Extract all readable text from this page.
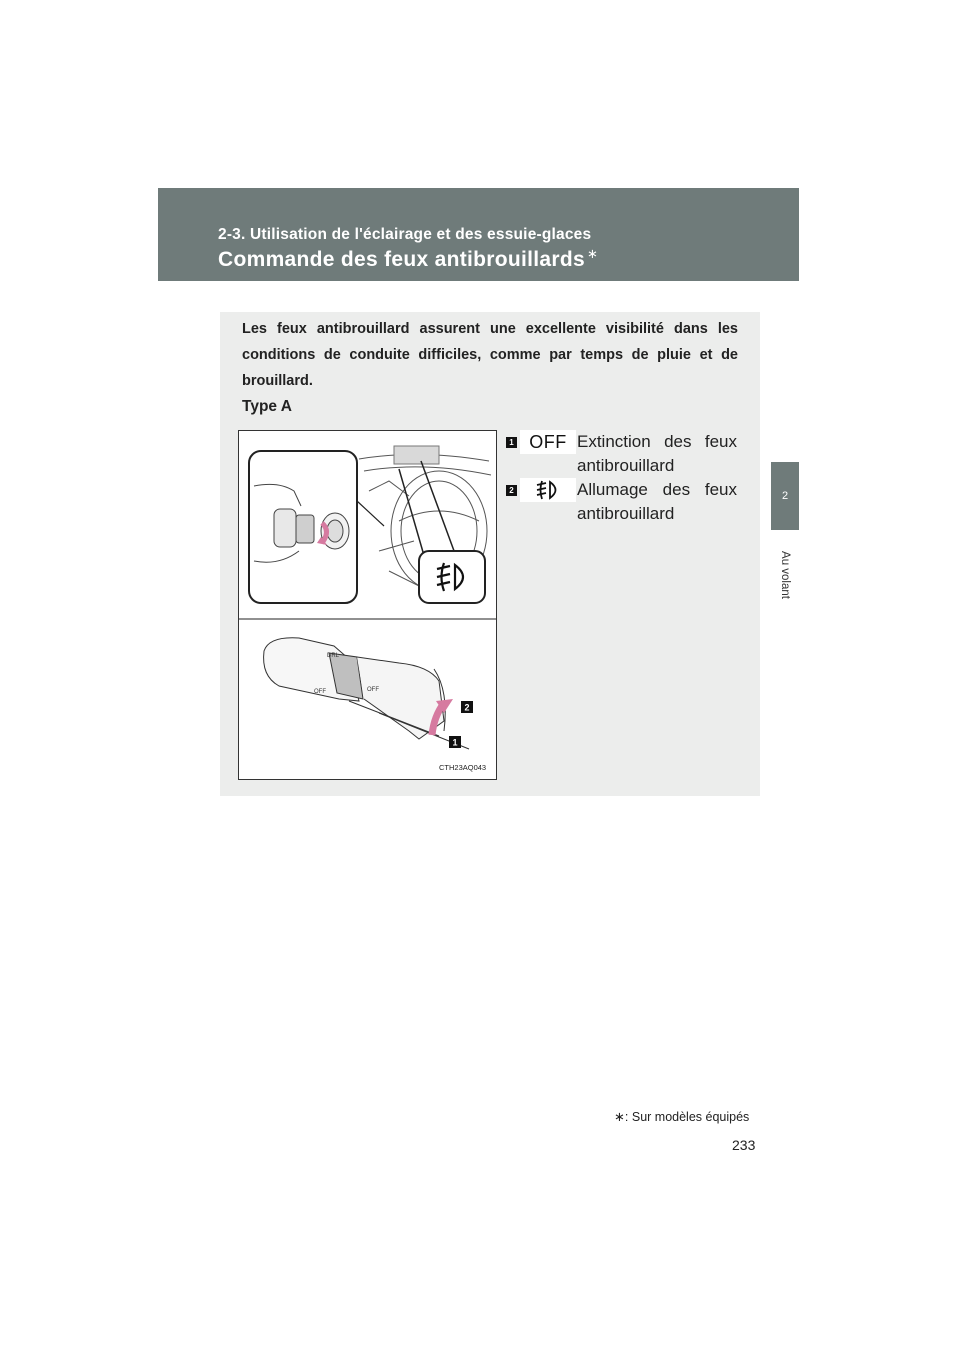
2-3. Utilisation de l'éclairage et des essuie-glaces
Commande des feux antibrouillards ∗
2
Au volant
Les feux antibrouillard assurent une excellente visibilité dans les conditions de conduite difficiles, comme par temps de pluie et de brouillard.
Type A
DRL
OFF	OFF
2
1
CTH23AQ043
1 OFF Extinction des feux
antibrouillard
2	Allumage des feux
antibrouillard
∗: Sur modèles équipés
233
